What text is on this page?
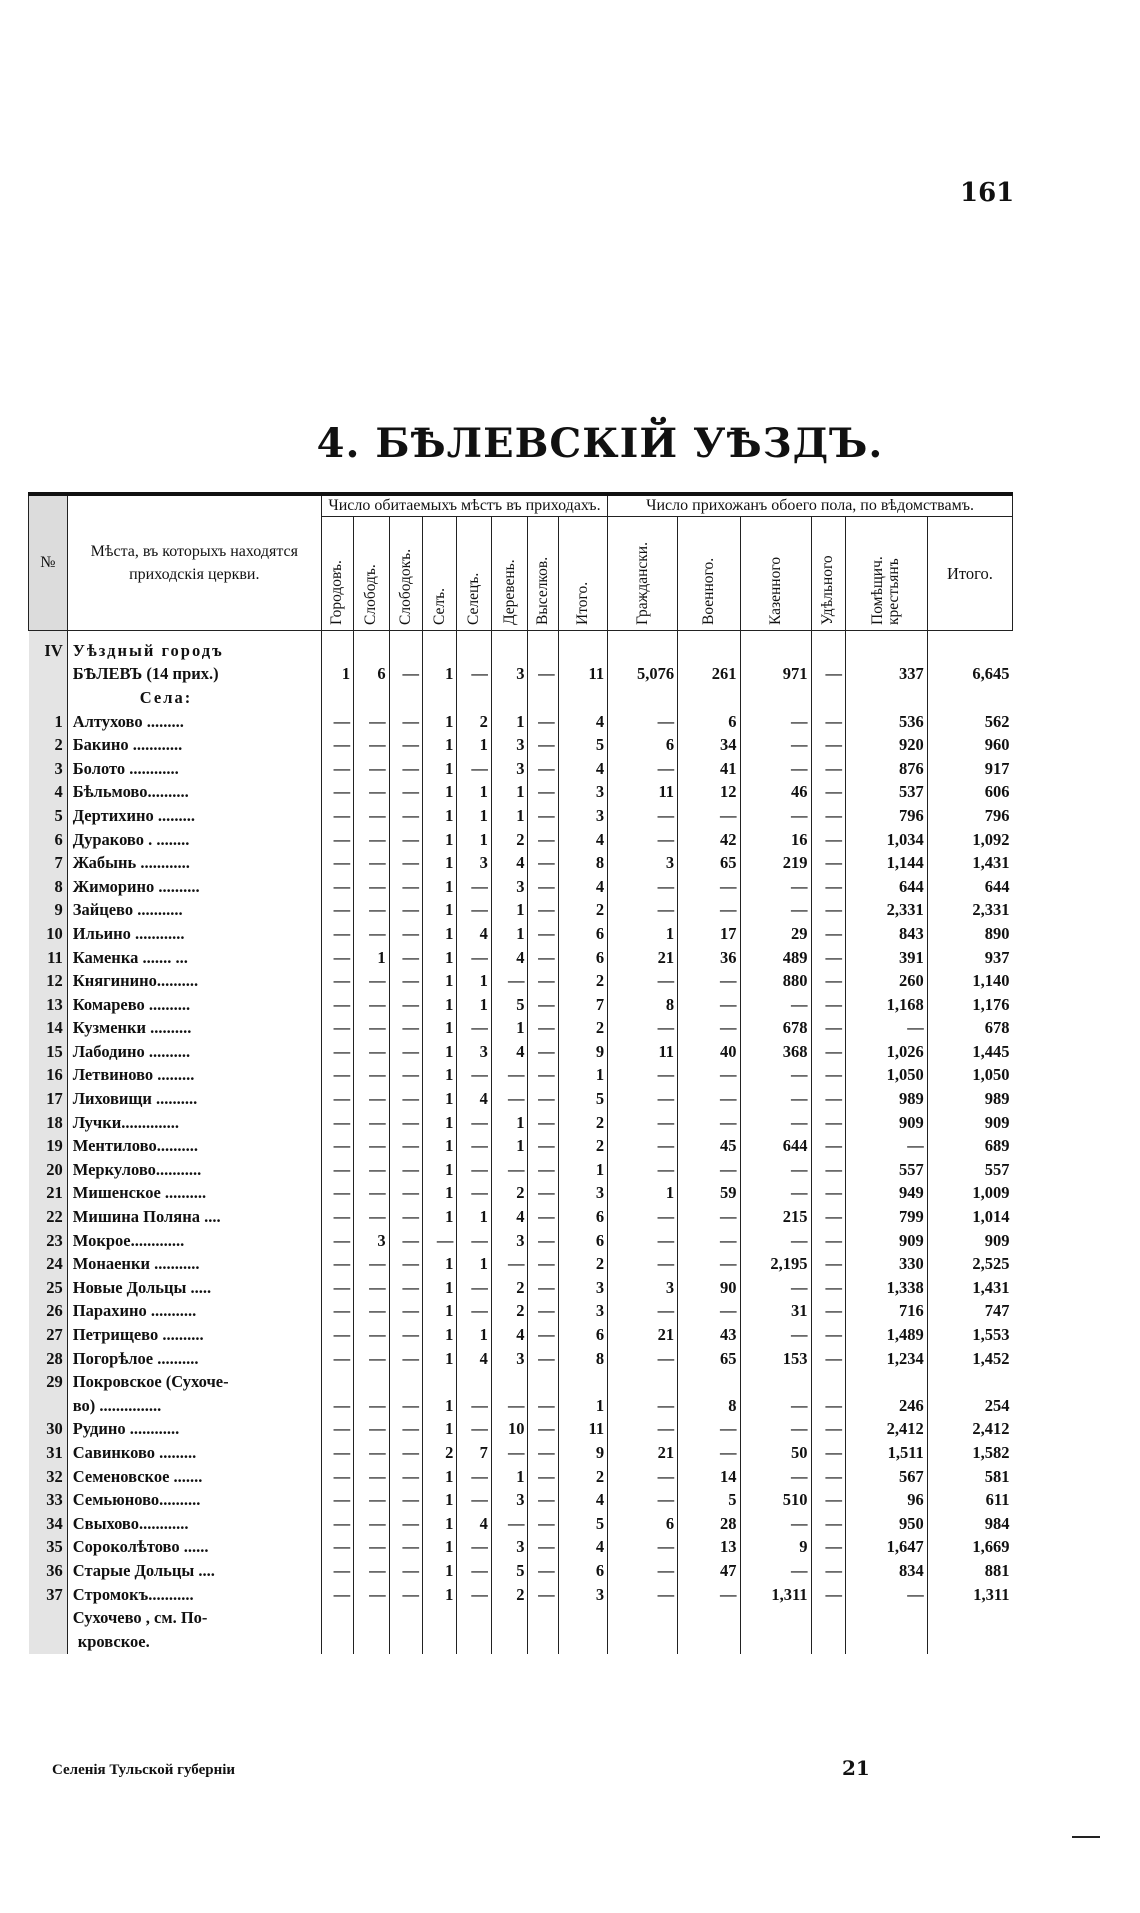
161
4. БѢЛЕВСКІЙ УѢЗДЪ.
№	Мѣста, въ которыхъ находятся приходскія церкви.	Число обитаемыхъ мѣстъ въ приходахъ.								Число прихожанъ обоего пола, по вѣдомствамъ.					
		Городовъ.	Слободъ.	Слободокъ.	Селъ.	Селецъ.	Деревень.	Выселков.	Итого.	Граждански.	Военного.	Казенного	Удѣльного	Помѣщич. крестьянъ	Итого.
IV	Уѣздный городъ														
	БѢЛЕВЪ (14 прих.)	1	6	—	1	—	3	—	11	5,076	261	971	—	337	6,645
	Села:														
1	Алтухово .........	—	—	—	1	2	1	—	4	—	6	—	—	536	562
2	Бакино ............	—	—	—	1	1	3	—	5	6	34	—	—	920	960
3	Болото ............	—	—	—	1	—	3	—	4	—	41	—	—	876	917
4	Бѣльмово..........	—	—	—	1	1	1	—	3	11	12	46	—	537	606
5	Дертихино .........	—	—	—	1	1	1	—	3	—	—	—	—	796	796
6	Дураково . ........	—	—	—	1	1	2	—	4	—	42	16	—	1,034	1,092
7	Жабынь ............	—	—	—	1	3	4	—	8	3	65	219	—	1,144	1,431
8	Жиморино ..........	—	—	—	1	—	3	—	4	—	—	—	—	644	644
9	Зайцево ...........	—	—	—	1	—	1	—	2	—	—	—	—	2,331	2,331
10	Ильино ............	—	—	—	1	4	1	—	6	1	17	29	—	843	890
11	Каменка ....... ...	—	1	—	1	—	4	—	6	21	36	489	—	391	937
12	Княгинино..........	—	—	—	1	1	—	—	2	—	—	880	—	260	1,140
13	Комарево ..........	—	—	—	1	1	5	—	7	8	—	—	—	1,168	1,176
14	Кузменки ..........	—	—	—	1	—	1	—	2	—	—	678	—	—	678
15	Лабодино ..........	—	—	—	1	3	4	—	9	11	40	368	—	1,026	1,445
16	Летвиново .........	—	—	—	1	—	—	—	1	—	—	—	—	1,050	1,050
17	Лиховищи ..........	—	—	—	1	4	—	—	5	—	—	—	—	989	989
18	Лучки..............	—	—	—	1	—	1	—	2	—	—	—	—	909	909
19	Ментилово..........	—	—	—	1	—	1	—	2	—	45	644	—	—	689
20	Меркулово...........	—	—	—	1	—	—	—	1	—	—	—	—	557	557
21	Мишенское ..........	—	—	—	1	—	2	—	3	1	59	—	—	949	1,009
22	Мишина Поляна ....	—	—	—	1	1	4	—	6	—	—	215	—	799	1,014
23	Мокрое.............	—	3	—	—	—	3	—	6	—	—	—	—	909	909
24	Монаенки ...........	—	—	—	1	1	—	—	2	—	—	2,195	—	330	2,525
25	Новые Дольцы .....	—	—	—	1	—	2	—	3	3	90	—	—	1,338	1,431
26	Парахино ...........	—	—	—	1	—	2	—	3	—	—	31	—	716	747
27	Петрищево ..........	—	—	—	1	1	4	—	6	21	43	—	—	1,489	1,553
28	Погорѣлое ..........	—	—	—	1	4	3	—	8	—	65	153	—	1,234	1,452
29	Покровское (Сухоче-														
	во) ...............	—	—	—	1	—	—	—	1	—	8	—	—	246	254
30	Рудино ............	—	—	—	1	—	10	—	11	—	—	—	—	2,412	2,412
31	Савинково .........	—	—	—	2	7	—	—	9	21	—	50	—	1,511	1,582
32	Семеновское .......	—	—	—	1	—	1	—	2	—	14	—	—	567	581
33	Семьюново..........	—	—	—	1	—	3	—	4	—	5	510	—	96	611
34	Свыхово............	—	—	—	1	4	—	—	5	6	28	—	—	950	984
35	Сороколѣтово ......	—	—	—	1	—	3	—	4	—	13	9	—	1,647	1,669
36	Старые Дольцы ....	—	—	—	1	—	5	—	6	—	47	—	—	834	881
37	Стромокъ...........	—	—	—	1	—	2	—	3	—	—	1,311	—	—	1,311
	Сухочево , см. По-														
	кровское.														
Селенія Тульской губерніи	21
